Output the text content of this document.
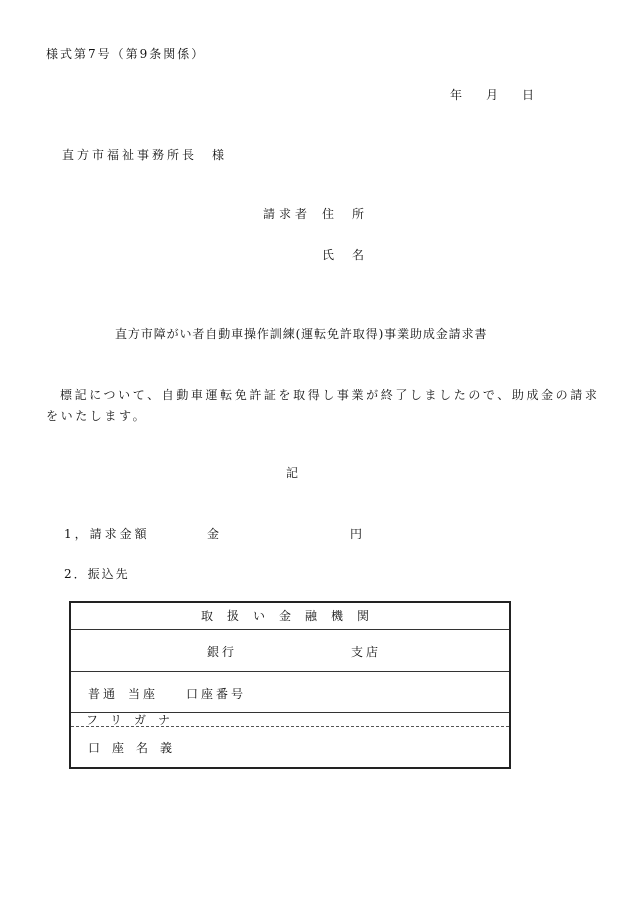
様式第7号（第9条関係）
年 月 日
直方市福祉事務所長　様
請求者 住　所
氏　名
直方市障がい者自動車操作訓練(運転免許取得)事業助成金請求書
標記について、自動車運転免許証を取得し事業が終了しましたので、助成金の請求
をいたします。
記
1，請求金額	金	円
2．振込先
取　扱　い　金　融　機　関
銀行	支店
普通 当座 口座番号
フ　リ　ガ　ナ
口　座　名　義
